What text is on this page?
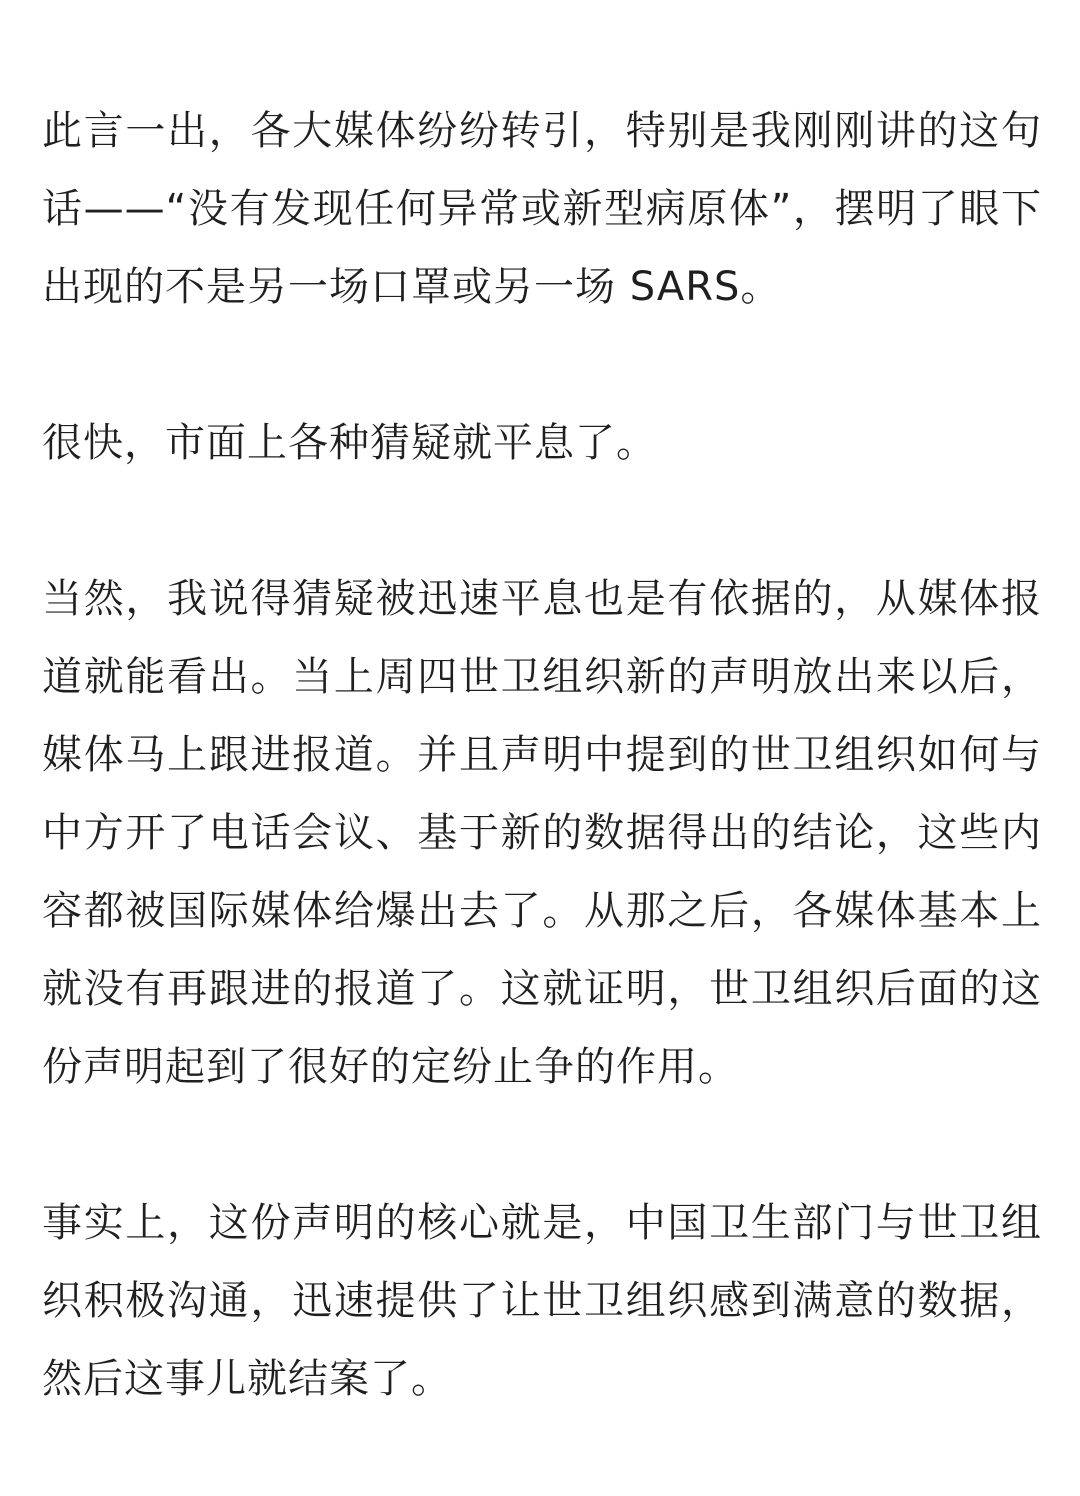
此言一出，各大媒体纷纷转引，特别是我刚刚讲的这句话——“没有发现任何异常或新型病原体”，摆明了眼下出现的不是另一场口罩或另一场 SARS。

很快，市面上各种猜疑就平息了。

当然，我说得猜疑被迅速平息也是有依据的，从媒体报道就能看出。当上周四世卫组织新的声明放出来以后，媒体马上跟进报道。并且声明中提到的世卫组织如何与中方开了电话会议、基于新的数据得出的结论，这些内容都被国际媒体给爆出去了。从那之后，各媒体基本上就没有再跟进的报道了。这就证明，世卫组织后面的这份声明起到了很好的定纷止争的作用。

事实上，这份声明的核心就是，中国卫生部门与世卫组织积极沟通，迅速提供了让世卫组织感到满意的数据，然后这事儿就结案了。
